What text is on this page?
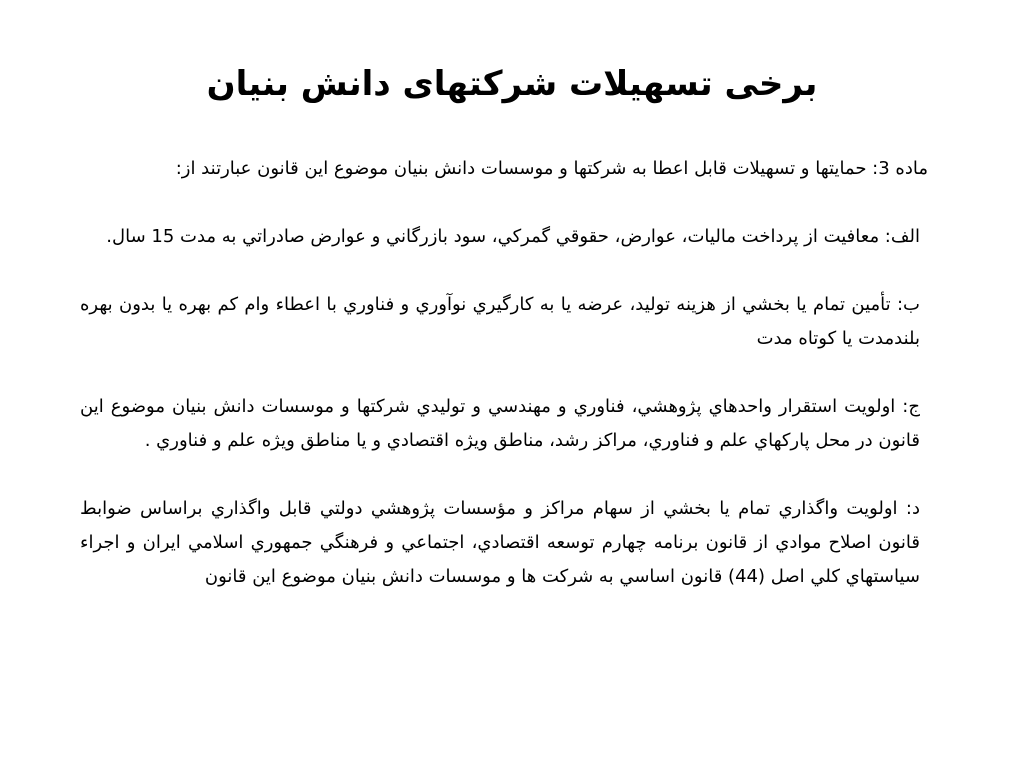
برخی تسهیلات شرکتهای دانش بنیان

ماده 3: حمایتها و تسهیلات قابل اعطا به شرکتها و موسسات دانش بنیان موضوع این قانون عبارتند از:

الف: معافيت از پرداخت ماليات، عوارض، حقوقي گمركي، سود بازرگاني و عوارض صادراتي به مدت 15 سال.

ب: تأمين تمام يا بخشي از هزينه توليد، عرضه يا به كارگيري نوآوري و فناوري با اعطاء وام كم بهره يا بدون بهره بلندمدت يا كوتاه مدت

ج: اولويت استقرار واحدهاي پژوهشي، فناوري و مهندسي و توليدي شركتها و موسسات دانش بنيان موضوع اين قانون در محل پاركهاي علم و فناوري، مراكز رشد، مناطق ويژه اقتصادي و يا مناطق ويژه علم و فناوري .

د: اولويت واگذاري تمام يا بخشي از سهام مراكز و مؤسسات پژوهشي دولتي قابل واگذاري براساس ضوابط قانون اصلاح موادي از قانون برنامه چهارم توسعه اقتصادي، اجتماعي و فرهنگي جمهوري اسلامي ايران و اجراء سياستهاي كلي اصل (44) قانون اساسي به شركت ها و موسسات دانش بنيان موضوع اين قانون
